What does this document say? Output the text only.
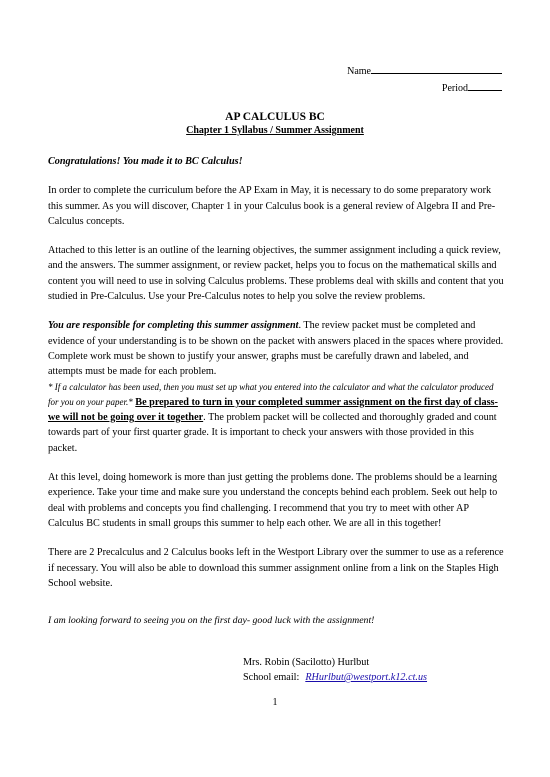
Name
Period
AP CALCULUS BC
Chapter 1 Syllabus / Summer Assignment

Congratulations! You made it to BC Calculus!

In order to complete the curriculum before the AP Exam in May, it is necessary to do some preparatory work this summer. As you will discover, Chapter 1 in your Calculus book is a general review of Algebra II and Pre-Calculus concepts.

Attached to this letter is an outline of the learning objectives, the summer assignment including a quick review, and the answers. The summer assignment, or review packet, helps you to focus on the mathematical skills and content you will need to use in solving Calculus problems. These problems deal with skills and content that you studied in Pre-Calculus. Use your Pre-Calculus notes to help you solve the review problems.

You are responsible for completing this summer assignment. The review packet must be completed and evidence of your understanding is to be shown on the packet with answers placed in the spaces where provided. Complete work must be shown to justify your answer, graphs must be carefully drawn and labeled, and attempts must be made for each problem.
* If a calculator has been used, then you must set up what you entered into the calculator and what the calculator produced for you on your paper.* Be prepared to turn in your completed summer assignment on the first day of class- we will not be going over it together. The problem packet will be collected and thoroughly graded and count towards part of your first quarter grade. It is important to check your answers with those provided in this packet.

At this level, doing homework is more than just getting the problems done. The problems should be a learning experience. Take your time and make sure you understand the concepts behind each problem. Seek out help to deal with problems and concepts you find challenging. I recommend that you try to meet with other AP Calculus BC students in small groups this summer to help each other. We are all in this together!

There are 2 Precalculus and 2 Calculus books left in the Westport Library over the summer to use as a reference if necessary. You will also be able to download this summer assignment online from a link on the Staples High School website.

I am looking forward to seeing you on the first day- good luck with the assignment!

Mrs. Robin (Sacilotto) Hurlbut
School email: RHurlbut@westport.k12.ct.us
1
